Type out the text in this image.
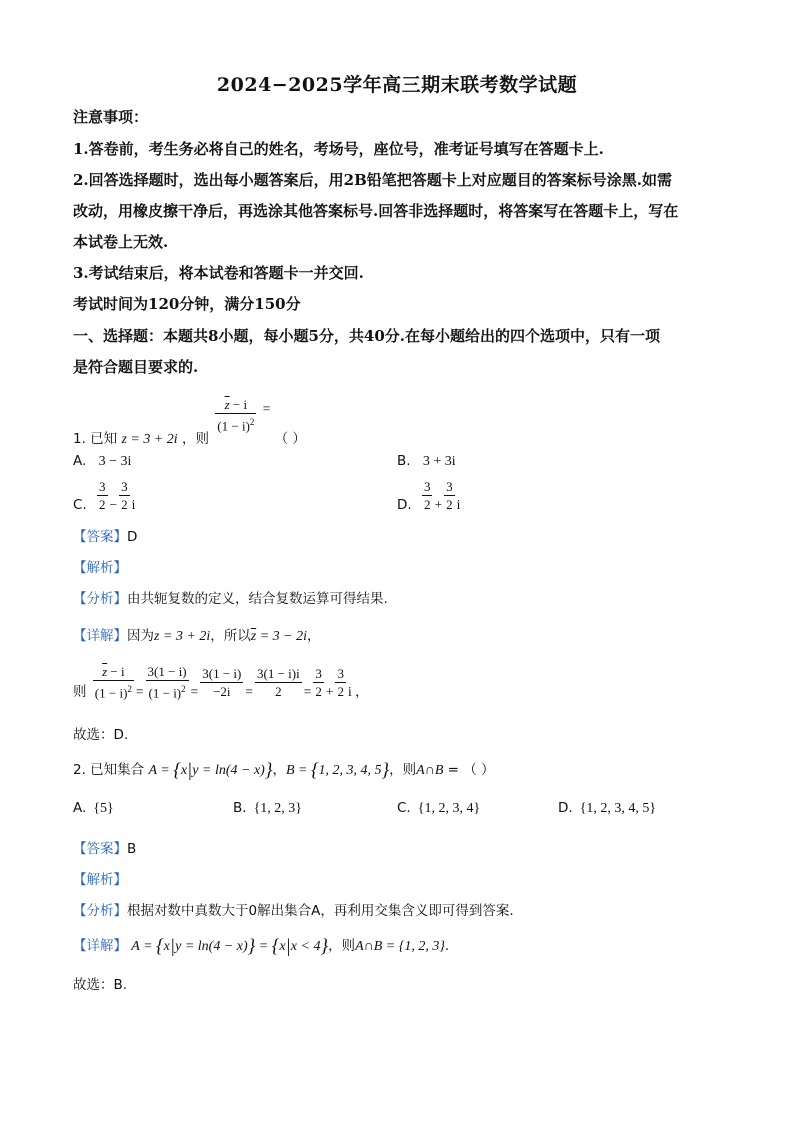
2024−2025学年高三期末联考数学试题
注意事项：
1.答卷前，考生务必将自己的姓名，考场号，座位号，准考证号填写在答题卡上.
2.回答选择题时，选出每小题答案后，用2B铅笔把答题卡上对应题目的答案标号涂黑.如需
改动，用橡皮擦干净后，再选涂其他答案标号.回答非选择题时，将答案写在答题卡上，写在
本试卷上无效.
3.考试结束后，将本试卷和答题卡一并交回.
考试时间为120分钟，满分150分
一、选择题：本题共8小题，每小题5分，共40分.在每小题给出的四个选项中，只有一项
是符合题目要求的.
1. 已知 z = 3 + 2i ，则
$\frac{\overline{z} - i}{(1 - i)^2}$ = （ ）
A. 3 − 3i	B. 3 + 3i
C. $\frac{3}{2} - \frac{3}{2}$ i	D. $\frac{3}{2} + \frac{3}{2}$ i
【答案】D
【解析】
【分析】由共轭复数的定义，结合复数运算可得结果.
【详解】因为z = 3 + 2i，所以$\overline{z} = 3 - 2i$，
则 $\frac{\overline{z} - i}{(1 - i)^2} = \frac{3(1 - i)}{(1 - i)^2} = \frac{3(1 - i)}{-2i} = \frac{3(1 - i)i}{2} = \frac{3}{2} + \frac{3}{2}$ i ，
故选：D.
2. 已知集合 A = {x|y = ln(4 − x)}，B = {1, 2, 3, 4, 5}，则A∩B = （ ）
A. {5}	B. {1, 2, 3}	C. {1, 2, 3, 4}	D. {1, 2, 3, 4, 5}
【答案】B
【解析】
【分析】根据对数中真数大于0解出集合A，再利用交集含义即可得到答案.
【详解】 A = {x|y = ln(4 − x)} = {x|x < 4}，则A∩B = {1, 2, 3}.
故选：B.
